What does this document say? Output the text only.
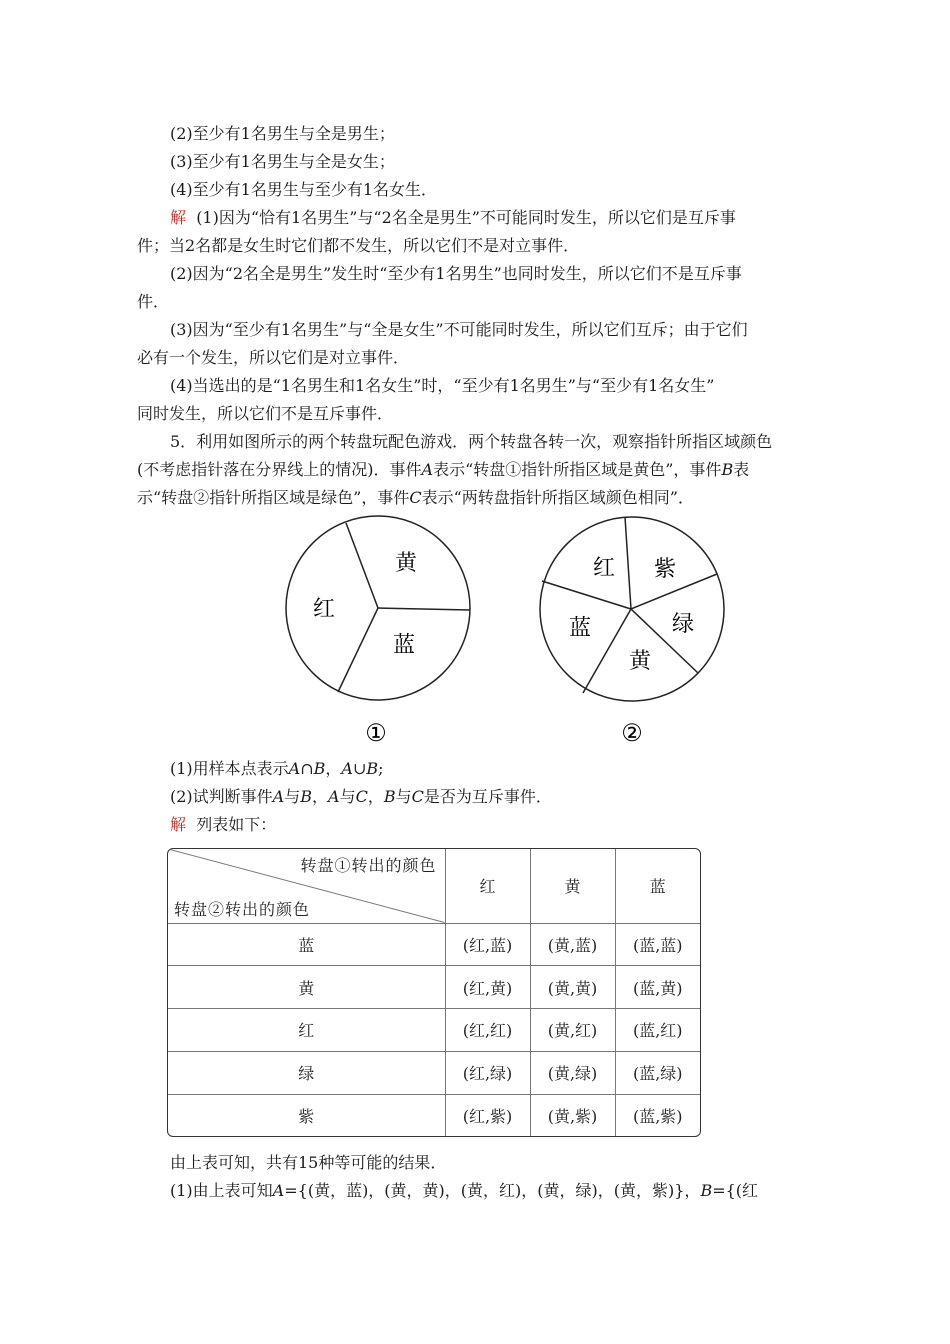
(2)至少有1名男生与全是男生；
(3)至少有1名男生与全是女生；
(4)至少有1名男生与至少有1名女生．
解 (1)因为“恰有1名男生”与“2名全是男生”不可能同时发生，所以它们是互斥事
件；当2名都是女生时它们都不发生，所以它们不是对立事件．
(2)因为“2名全是男生”发生时“至少有1名男生”也同时发生，所以它们不是互斥事
件．
(3)因为“至少有1名男生”与“全是女生”不可能同时发生，所以它们互斥；由于它们
必有一个发生，所以它们是对立事件．
(4)当选出的是“1名男生和1名女生”时，“至少有1名男生”与“至少有1名女生”
同时发生，所以它们不是互斥事件．
5．利用如图所示的两个转盘玩配色游戏．两个转盘各转一次，观察指针所指区域颜色
(不考虑指针落在分界线上的情况)．事件A表示“转盘①指针所指区域是黄色”，事件B表
示“转盘②指针所指区域是绿色”，事件C表示“两转盘指针所指区域颜色相同”．
黄
红
蓝
①
红 紫
绿
黄
蓝
②
(1)用样本点表示A∩B，A∪B;
(2)试判断事件A与B，A与C，B与C是否为互斥事件．
解 列表如下：
转盘①转出的颜色
转盘②转出的颜色	红	黄	蓝
蓝	(红,蓝)	(黄,蓝)	(蓝,蓝)
黄	(红,黄)	(黄,黄)	(蓝,黄)
红	(红,红)	(黄,红)	(蓝,红)
绿	(红,绿)	(黄,绿)	(蓝,绿)
紫	(红,紫)	(黄,紫)	(蓝,紫)
由上表可知，共有15种等可能的结果．
(1)由上表可知A={(黄，蓝)，(黄，黄)，(黄，红)，(黄，绿)，(黄，紫)}，B={(红
